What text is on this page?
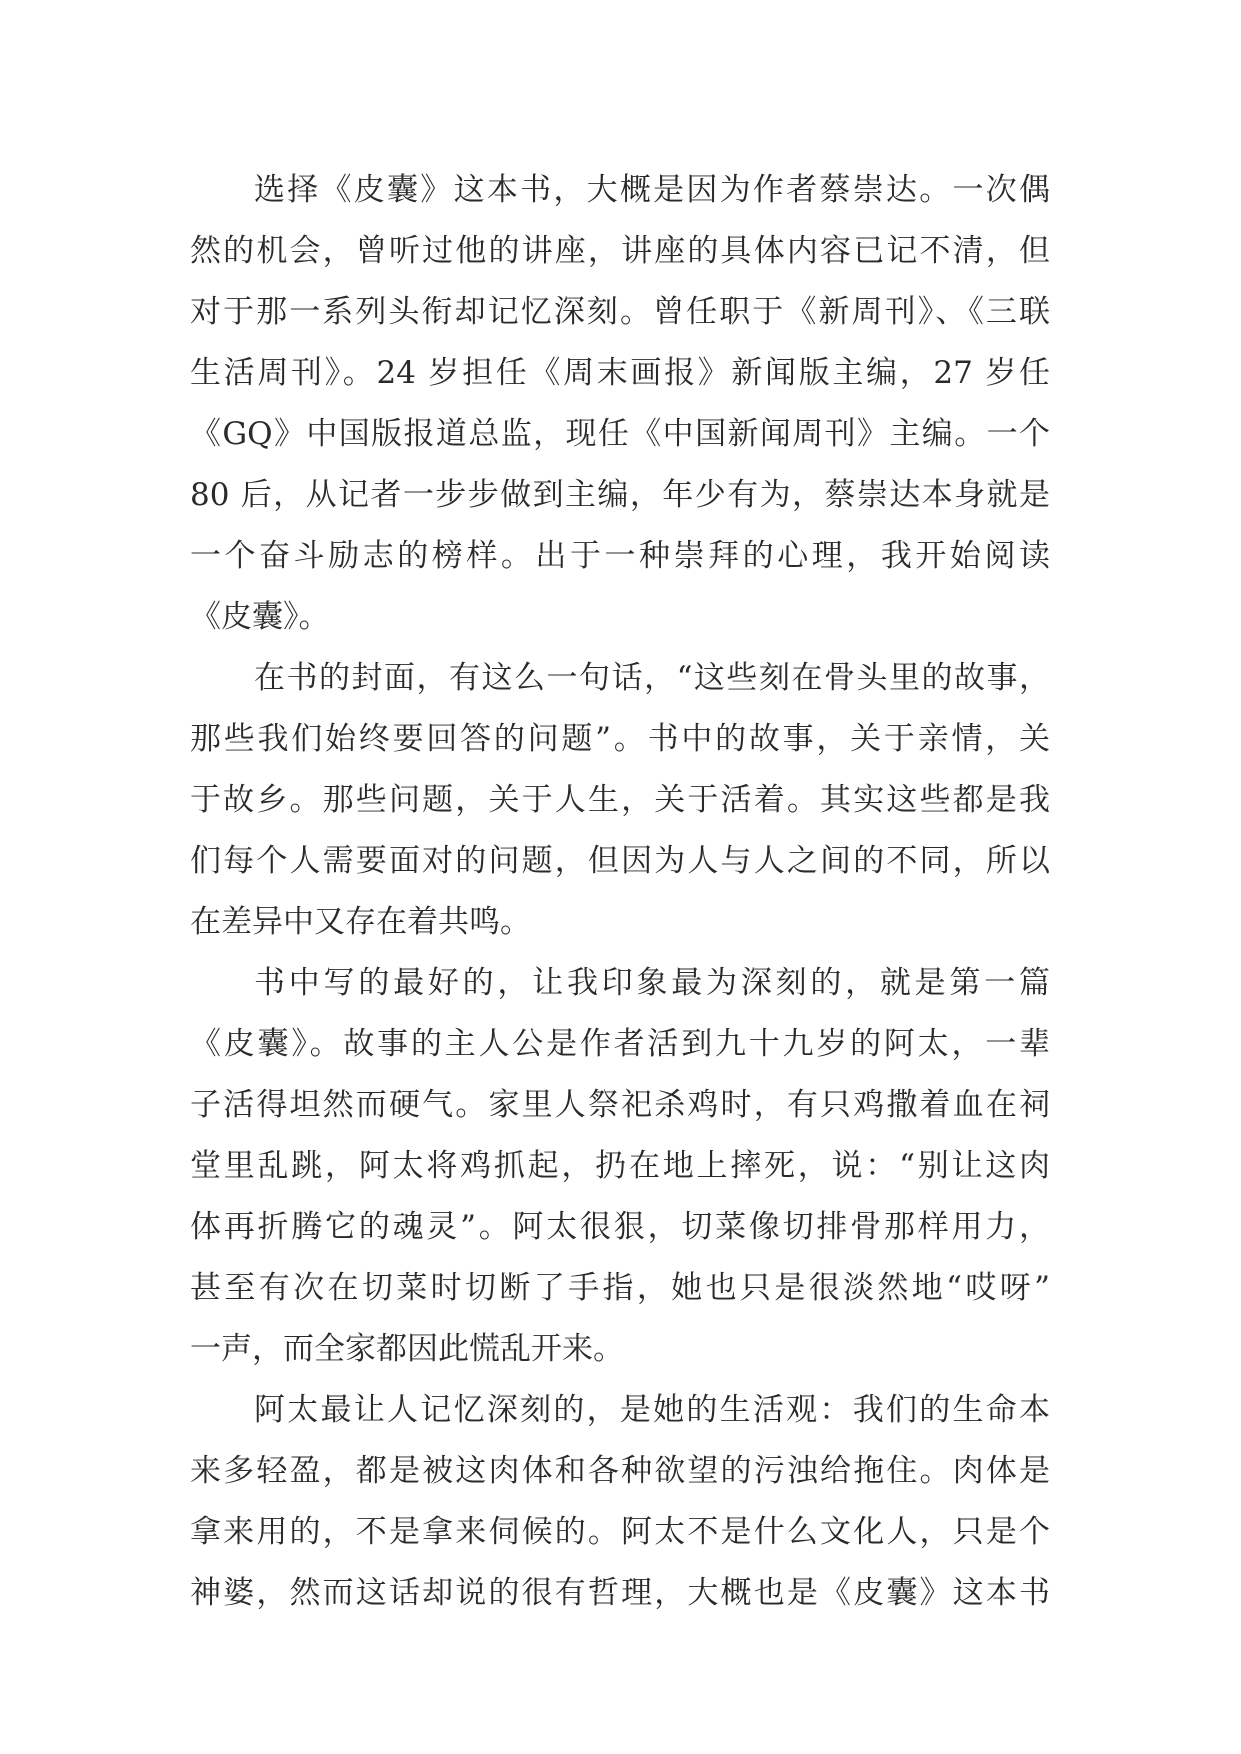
选择《皮囊》这本书，大概是因为作者蔡崇达。一次偶
然的机会，曾听过他的讲座，讲座的具体内容已记不清，但
对于那一系列头衔却记忆深刻。曾任职于《新周刊》、《三联
生活周刊》。24 岁担任《周末画报》新闻版主编，27 岁任
《GQ》中国版报道总监，现任《中国新闻周刊》主编。一个
80 后，从记者一步步做到主编，年少有为，蔡崇达本身就是
一个奋斗励志的榜样。出于一种崇拜的心理，我开始阅读
《皮囊》。
在书的封面，有这么一句话，“这些刻在骨头里的故事，
那些我们始终要回答的问题”。书中的故事，关于亲情，关
于故乡。那些问题，关于人生，关于活着。其实这些都是我
们每个人需要面对的问题，但因为人与人之间的不同，所以
在差异中又存在着共鸣。
书中写的最好的，让我印象最为深刻的，就是第一篇
《皮囊》。故事的主人公是作者活到九十九岁的阿太，一辈
子活得坦然而硬气。家里人祭祀杀鸡时，有只鸡撒着血在祠
堂里乱跳，阿太将鸡抓起，扔在地上摔死，说：“别让这肉
体再折腾它的魂灵”。阿太很狠，切菜像切排骨那样用力，
甚至有次在切菜时切断了手指，她也只是很淡然地“哎呀”
一声，而全家都因此慌乱开来。
阿太最让人记忆深刻的，是她的生活观：我们的生命本
来多轻盈，都是被这肉体和各种欲望的污浊给拖住。肉体是
拿来用的，不是拿来伺候的。阿太不是什么文化人，只是个
神婆，然而这话却说的很有哲理，大概也是《皮囊》这本书
